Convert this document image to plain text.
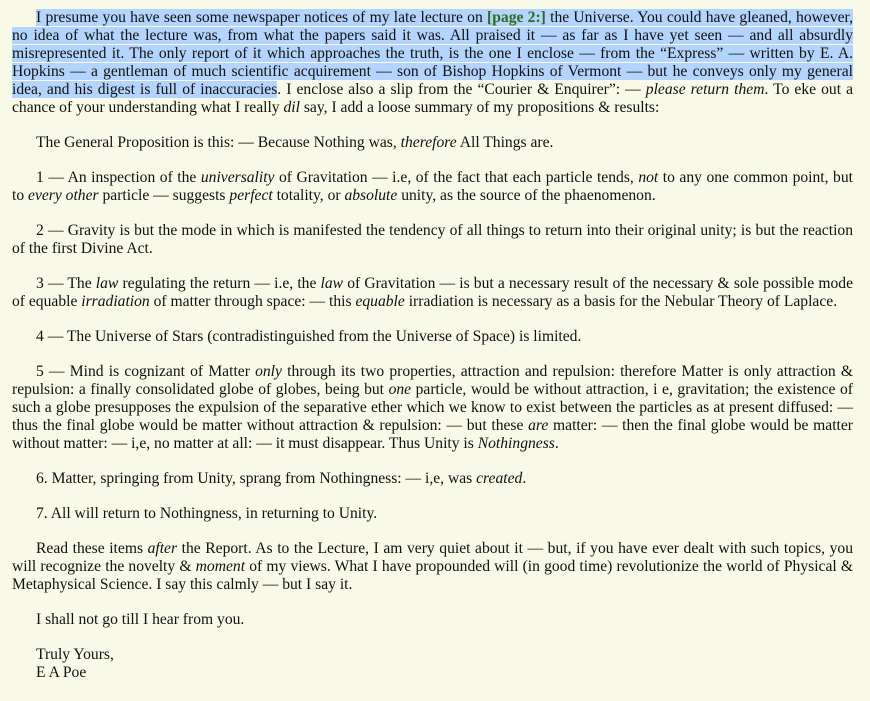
I presume you have seen some newspaper notices of my late lecture on [page 2:] the Universe. You could have gleaned, however, no idea of what the lecture was, from what the papers said it was. All praised it — as far as I have yet seen — and all absurdly misrepresented it. The only report of it which approaches the truth, is the one I enclose — from the “Express” — written by E. A. Hopkins — a gentleman of much scientific acquirement — son of Bishop Hopkins of Vermont — but he conveys only my general idea, and his digest is full of inaccuracies. I enclose also a slip from the “Courier & Enquirer”: — please return them. To eke out a chance of your understanding what I really dil say, I add a loose summary of my propositions & results:

The General Proposition is this: — Because Nothing was, therefore All Things are.

1 — An inspection of the universality of Gravitation — i.e, of the fact that each particle tends, not to any one common point, but to every other particle — suggests perfect totality, or absolute unity, as the source of the phaenomenon.

2 — Gravity is but the mode in which is manifested the tendency of all things to return into their original unity; is but the reaction of the first Divine Act.

3 — The law regulating the return — i.e, the law of Gravitation — is but a necessary result of the necessary & sole possible mode of equable irradiation of matter through space: — this equable irradiation is necessary as a basis for the Nebular Theory of Laplace.

4 — The Universe of Stars (contradistinguished from the Universe of Space) is limited.

5 — Mind is cognizant of Matter only through its two properties, attraction and repulsion: therefore Matter is only attraction & repulsion: a finally consolidated globe of globes, being but one particle, would be without attraction, i e, gravitation; the existence of such a globe presupposes the expulsion of the separative ether which we know to exist between the particles as at present diffused: — thus the final globe would be matter without attraction & repulsion: — but these are matter: — then the final globe would be matter without matter: — i,e, no matter at all: — it must disappear. Thus Unity is Nothingness.

6. Matter, springing from Unity, sprang from Nothingness: — i,e, was created.

7. All will return to Nothingness, in returning to Unity.

Read these items after the Report. As to the Lecture, I am very quiet about it — but, if you have ever dealt with such topics, you will recognize the novelty & moment of my views. What I have propounded will (in good time) revolutionize the world of Physical & Metaphysical Science. I say this calmly — but I say it.

I shall not go till I hear from you.

Truly Yours,

E A Poe
